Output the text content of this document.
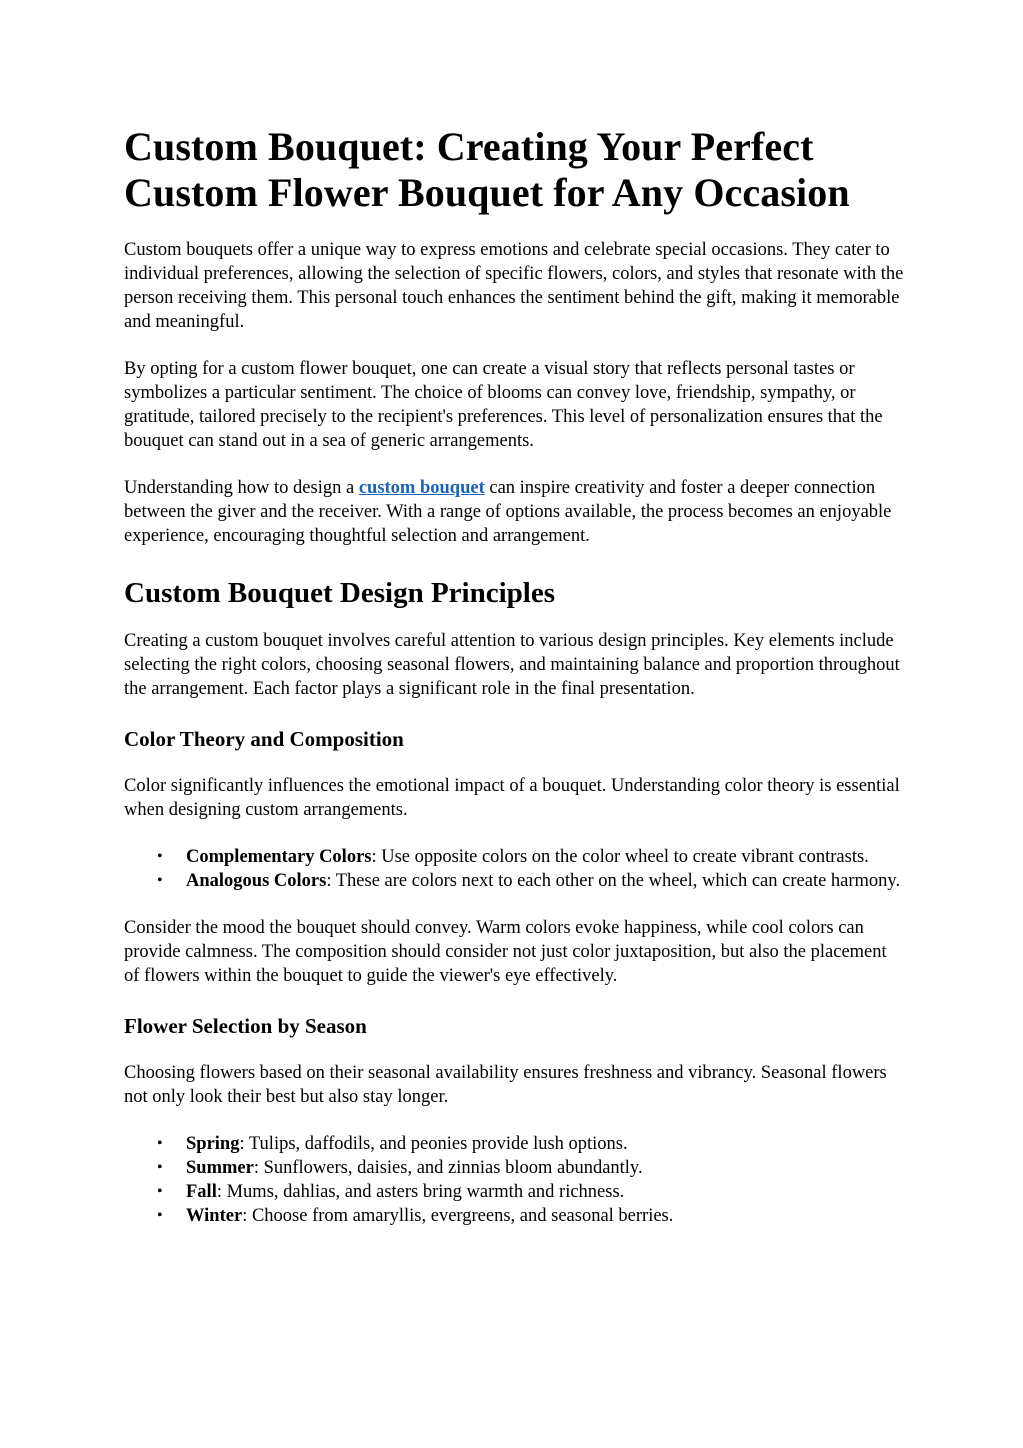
Custom Bouquet: Creating Your Perfect Custom Flower Bouquet for Any Occasion

Custom bouquets offer a unique way to express emotions and celebrate special occasions. They cater to individual preferences, allowing the selection of specific flowers, colors, and styles that resonate with the person receiving them. This personal touch enhances the sentiment behind the gift, making it memorable and meaningful.

By opting for a custom flower bouquet, one can create a visual story that reflects personal tastes or symbolizes a particular sentiment. The choice of blooms can convey love, friendship, sympathy, or gratitude, tailored precisely to the recipient's preferences. This level of personalization ensures that the bouquet can stand out in a sea of generic arrangements.

Understanding how to design a custom bouquet can inspire creativity and foster a deeper connection between the giver and the receiver. With a range of options available, the process becomes an enjoyable experience, encouraging thoughtful selection and arrangement.

Custom Bouquet Design Principles

Creating a custom bouquet involves careful attention to various design principles. Key elements include selecting the right colors, choosing seasonal flowers, and maintaining balance and proportion throughout the arrangement. Each factor plays a significant role in the final presentation.

Color Theory and Composition

Color significantly influences the emotional impact of a bouquet. Understanding color theory is essential when designing custom arrangements.

• Complementary Colors: Use opposite colors on the color wheel to create vibrant contrasts.
• Analogous Colors: These are colors next to each other on the wheel, which can create harmony.

Consider the mood the bouquet should convey. Warm colors evoke happiness, while cool colors can provide calmness. The composition should consider not just color juxtaposition, but also the placement of flowers within the bouquet to guide the viewer's eye effectively.

Flower Selection by Season

Choosing flowers based on their seasonal availability ensures freshness and vibrancy. Seasonal flowers not only look their best but also stay longer.

• Spring: Tulips, daffodils, and peonies provide lush options.
• Summer: Sunflowers, daisies, and zinnias bloom abundantly.
• Fall: Mums, dahlias, and asters bring warmth and richness.
• Winter: Choose from amaryllis, evergreens, and seasonal berries.
